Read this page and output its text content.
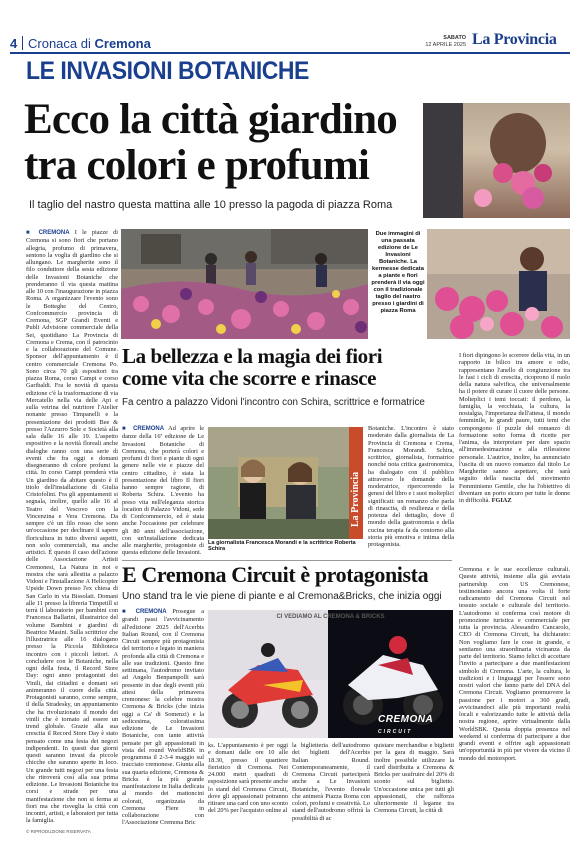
4 Cronaca di Cremona	SABATO
12 APRILE 2025 La Provincia
LE INVASIONI BOTANICHE
Ecco la città giardino
tra colori e profumi
Il taglio del nastro questa mattina alle 10 presso la pagoda di piazza Roma
■ CREMONA I le piazze di Cremona si sono fiori che portano allegria, profumo di primavera, sentono la voglia di giardino che si allungano. Le margherite sono il filo conduttore della sesta edizione delle Invasioni Botaniche che prenderanno il via questa mattina alle 10 con l'inaugurazione in piazza Roma. A organizzare l'evento sono le Botteghe del Centro, Confcommercio provincia di Cremona, SGP Grandi Eventi e Publi Advisione commerciale della Sei, quotidiano La Provincia di Cremona e Crema, con il patrocinio e la collaborazione del Comune. Sponsor dell'appuntamento è il centro commerciale Cremona Po. Sono circa 70 gli espositori tra piazza Roma, corso Campi e corso Garibaldi. Fra le novità di questa edizione c'è la trasformazione di via Mercatello nella via delle Api e sulla vetrina del nutritore l'Atelier nonante presso Timpanelli e la presentazione dei prodotti Bee & presso l'Azzurro Sole e Società alla sala dalle 16 alle 19. L'aspetto espositivo e la novità floreali anche dialoghe ranno con una serie di eventi che fra oggi e domani disegneranno di colore profumi la città. In corso Campi prenderà vita Un giardino da abitare questo è il titolo dell'installazione di Giulia Cristofolini. Fra gli appuntamenti si segnala, inoltre, quello alle 16 al Teatro del Vescovo con la Vincenzina e Vera Cremona. Da sempre c'è un filo rosso che sono un'occasione per declinare il sapere floricultura in tutto diversi aspetti, non solo commerciali, ma anche artistici. È questo il caso dell'azione delle Associazione Artisti Cremonesi, La Natura in noi e mostra che sarà allestita a palazzo Vidoni e l'installazione A Helicopter Upside Down presso l'ex chiesa di San Carlo in via Bissolati. Domani alle 11 presso la libreria Timpetill si terrà il laboratorio per bambini con Francesca Ballarini, illustratrice del volume Bambini e giardini di Beatrice Masini. Sulla scrittrice che l'illustratrice alle 16 dialogano presso la Piccola Biblioteca incontro con i piccoli lettori. A concludere con le Botaniche, nella ogni della festa, il Record Store Day: ogni anno protagonisti dei Vinili, dai cittadini e domani sei animeranno il cuore della città. Protagonisti saranno, come sempre, il della Stradesky, un appuntamento che ha rivoluzionato il mondo dei vinili che è tornato ad essere un trend globale. Grazie alla sua crescita il Record Store Day è stato pensato come una festa dei negozi indipendenti. In questi due giorni questi saranno invasi da piccole chicche che saranno aperte in loco. Un grande tutti negozi per una festa che ritroverà così alla sua prima edizione. Le Invasioni Botaniche tra corsi e strade per una manifestazione che non si ferma ai fiori ma che risveglia la città con incontri, artisti, e laboratori per tutta la famiglia.
Due immagini di una passata edizione de Le Invasioni Botaniche. La kermesse dedicata a piante e fiori prenderà il via oggi con il tradizionale taglio del nastro presso i giardini di piazza Roma
La bellezza e la magia dei fiori
come vita che scorre e rinasce
Fa centro a palazzo Vidoni l'incontro con Schira, scrittrice e formatrice
■ CREMONA Ad aprire le danze della 16ª edizione de Le Invasioni Botaniche di Cremona, che porterà colori e profumi di fiori e piante di ogni genere nelle vie e piazze del centro cittadino, è stata la presentazione del libro Il fiori hanno sempre ragione, di Roberta Schira. L'evento ha preso vita nell'eleganza storica location di Palazzo Vidoni, sede di Confcommercio, ed è stata anche l'occasione per celebrare gli 80 anni dell'associazione, con un'installazione dedicata alle margherite, protagoniste di questa edizione delle Invasioni.
La Provincia
La giornalista Francesca Morandi e la scrittrice Roberta Schira
Botaniche. L'incontro è stato moderato dalla giornalista de La Provincia di Cremona e Crema, Francesca Morandi. Schira, scrittrice, giornalista, formatrice nonché nota critica gastronomica, ha dialogato con il pubblico attraverso le domande della moderatrice, ripercorrendo la genesi del libro e i suoi molteplici significati: un romanzo che parla di rinascita, di resilienza e della potenza del dettaglio, dove il mondo della gastronomia e della cucina terapia fa da contorno alla storia più emotiva e intima della protagonista.
I fiori dipingono lo scorrere della vita, in un rapporto in bilico tra amore e odio, rappresentano l'anello di congiunzione tra le fasi i cicli di crescita, ricoprono il ruolo della natura salvifica, che universalmente ha il potere di curare il cuore delle persone. Molteplici i temi toccati: il perdono, la famiglia, la vecchiaia, la cultura, la nostalgia, l'importanza dell'attesa, il mondo femminile, le grandi paure, tutti temi che compongono il puzzle del romanzo di formazione sotto forma di ricette per l'anima, da interpretare per dare spazio all'immedesimazione e alla riflessione personale. L'autrice, inoltre, ha annunciato l'uscita di un nuovo romanzo dal titolo Le Margherite sanno aspettare, che sarà seguito della nascita del movimento Femminismo Gentile, che ha l'obiettivo di diventare un porto sicuro per tutte le donne in difficoltà. FGIAZ
E Cremona Circuit è protagonista
Uno stand tra le vie piene di piante e al Cremona&Bricks, che inizia oggi
■ CREMONA Prosegue a grandi passi l'avvicinamento all'edizione 2025 dell'Acerbis Italian Round, con il Cremona Circuit sempre più protagonista del territorio e legato in maniera profonda alla città di Cremona e alle sue tradizioni. Questo fine settimana, l'autodromo invitato ad Angelo Benpampolli sarà presente in due degli eventi più attesi della primavera cremonese: la celebre mostra Cremona & Bricks (che inizia oggi a Ca' di Somenzi) e la sedicesima, coloratissima edizione de Le Invasioni Botaniche, con tante attività pensate per gli appassionati in vista del round WorldSBK in programma il 2-3-4 maggio sul tracciato cremonese. Giunta alla sua quarta edizione, Cremona & Bricks è la più grande manifestazione in Italia dedicata al mondo dei mattoncini colorati, organizzata da Cremona Fiere in collaborazione con l'Associazione Cremona Bric
CI VEDIAMO AL CREMONA & BRICKS
CREMONA
CIRCUIT
ks. L'appuntamento è per oggi e domani dalle ore 10 alle 18.30, presso il quartiere fieristico di Cremona. Nei 24.000 metri quadrati di esposizione sarà presente anche lo stand del Cremona Circuit, dove gli appassionati potranno ritirare una card con uno sconto del 20% per l'acquisto online al
la biglietteria dell'autodromo dei biglietti dell'Acerbis Italian Round. Contemporaneamente, il Cremona Circuit parteciperà anche a Le Invasioni Botaniche, l'evento floreale che animerà Piazza Roma con colori, profumi e creatività. Lo stand dell'autodromo offrirà la possibilità di ac
quistare merchandise e biglietti per la gara di maggio. Sarà inoltre possibile utilizzare la card distribuita a Cremona & Bricks per usufruire del 20% di sconto sul biglietto. Un'occasione unica per tutti gli appassionati, che rafforza ulteriormente il legame tra Cremona Circuit, la città di
Cremona e le sue eccellenze culturali. Queste attività, insieme alla già avviata partnership con US Cremonese, testimoniano ancora una volta il forte radicamento del Cremona Circuit nel tessuto sociale e culturale del territorio. L'autodromo si conferma così motore di promozione turistica e commerciale per tutta la provincia. Alessandro Cancarolo, CEO di Cremona Circuit, ha dichiarato: Non vogliamo fare le cose in grande, e sentiamo una straordinaria vicinanza da parte del territorio. Siamo felici di accettare l'invito a partecipare a due manifestazioni simbolo di Cremona. L'arte, la cultura, le tradizioni e i linguaggi per l'essere sono nostri valori che fanno parte del DNA del Cremona Circuit. Vogliamo promuovere la passione per i motori a 360 gradi, avvicinandoci alle più importanti realtà locali e valorizzando tutte le attività della nostra regione, aprire virtualmente dalla WorldSBK. Questa doppia presenza nel weekend si conferma di partecipare a due grandi eventi e offrire agli appassionati un'opportunità in più per vivere da vicino il mondo del motorsport.
© RIPRODUZIONE RISERVATA
